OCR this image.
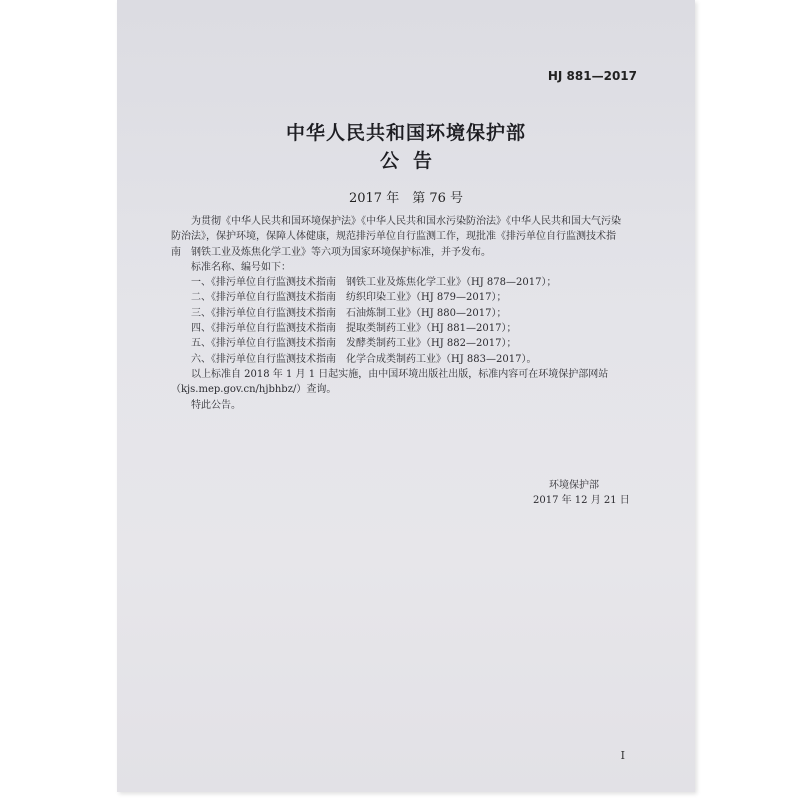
HJ 881—2017
中华人民共和国环境保护部
公告
2017 年　第 76 号

为贯彻《中华人民共和国环境保护法》《中华人民共和国水污染防治法》《中华人民共和国大气污染

防治法》，保护环境，保障人体健康，规范排污单位自行监测工作，现批准《排污单位自行监测技术指

南　钢铁工业及炼焦化学工业》等六项为国家环境保护标准，并予发布。

标准名称、编号如下：

一、《排污单位自行监测技术指南　钢铁工业及炼焦化学工业》（HJ 878—2017）；

二、《排污单位自行监测技术指南　纺织印染工业》（HJ 879—2017）；

三、《排污单位自行监测技术指南　石油炼制工业》（HJ 880—2017）；

四、《排污单位自行监测技术指南　提取类制药工业》（HJ 881—2017）；

五、《排污单位自行监测技术指南　发酵类制药工业》（HJ 882—2017）；

六、《排污单位自行监测技术指南　化学合成类制药工业》（HJ 883—2017）。

以上标准自 2018 年 1 月 1 日起实施，由中国环境出版社出版，标准内容可在环境保护部网站

（kjs.mep.gov.cn/hjbhbz/）查询。

特此公告。

环境保护部
2017 年 12 月 21 日
I
